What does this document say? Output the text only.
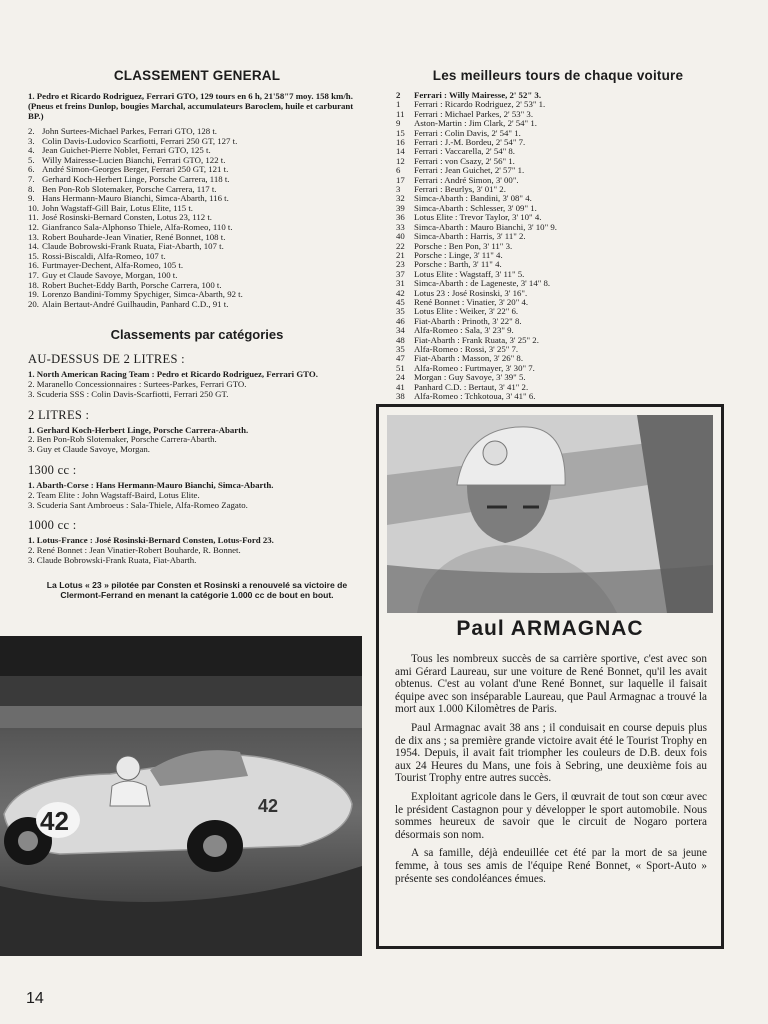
CLASSEMENT GENERAL
1. Pedro et Ricardo Rodriguez, Ferrari GTO, 129 tours en 6 h, 21'58"7 moy. 158 km/h. (Pneus et freins Dunlop, bougies Marchal, accumulateurs Baroclem, huile et carburant BP.)
2. John Surtees-Michael Parkes, Ferrari GTO, 128 t.
3. Colin Davis-Ludovico Scarfiotti, Ferrari 250 GT, 127 t.
4. Jean Guichet-Pierre Noblet, Ferrari GTO, 125 t.
5. Willy Mairesse-Lucien Bianchi, Ferrari GTO, 122 t.
6. André Simon-Georges Berger, Ferrari 250 GT, 121 t.
7. Gerhard Koch-Herbert Linge, Porsche Carrera, 118 t.
8. Ben Pon-Rob Slotemaker, Porsche Carrera, 117 t.
9. Hans Hermann-Mauro Bianchi, Simca-Abarth, 116 t.
10. John Wagstaff-Gill Bair, Lotus Elite, 115 t.
11. José Rosinski-Bernard Consten, Lotus 23, 112 t.
12. Gianfranco Sala-Alphonso Thiele, Alfa-Romeo, 110 t.
13. Robert Bouharde-Jean Vinatier, René Bonnet, 108 t.
14. Claude Bobrowski-Frank Ruata, Fiat-Abarth, 107 t.
15. Rossi-Biscaldi, Alfa-Romeo, 107 t.
16. Furtmayer-Dechent, Alfa-Romeo, 105 t.
17. Guy et Claude Savoye, Morgan, 100 t.
18. Robert Buchet-Eddy Barth, Porsche Carrera, 100 t.
19. Lorenzo Bandini-Tommy Spychiger, Simca-Abarth, 92 t.
20. Alain Bertaut-André Guilhaudin, Panhard C.D., 91 t.
Classements par catégories
AU-DESSUS DE 2 LITRES :
1. North American Racing Team : Pedro et Ricardo Rodriguez, Ferrari GTO.
2. Maranello Concessionnaires : Surtees-Parkes, Ferrari GTO.
3. Scuderia SSS : Colin Davis-Scarfiotti, Ferrari 250 GT.
2 LITRES :
1. Gerhard Koch-Herbert Linge, Porsche Carrera-Abarth.
2. Ben Pon-Rob Slotemaker, Porsche Carrera-Abarth.
3. Guy et Claude Savoye, Morgan.
1300 cc :
1. Abarth-Corse : Hans Hermann-Mauro Bianchi, Simca-Abarth.
2. Team Elite : John Wagstaff-Baird, Lotus Elite.
3. Scuderia Sant Ambroeus : Sala-Thiele, Alfa-Romeo Zagato.
1000 cc :
1. Lotus-France : José Rosinski-Bernard Consten, Lotus-Ford 23.
2. René Bonnet : Jean Vinatier-Robert Bouharde, R. Bonnet.
3. Claude Bobrowski-Frank Ruata, Fiat-Abarth.

La Lotus « 23 » pilotée par Consten et Rosinski a renouvelé sa victoire de Clermont-Ferrand en menant la catégorie 1.000 cc de bout en bout.

42	42
Les meilleurs tours de chaque voiture
2 Ferrari : Willy Mairesse, 2' 52" 3.
1 Ferrari : Ricardo Rodriguez, 2' 53" 1.
11 Ferrari : Michael Parkes, 2' 53" 3.
9 Aston-Martin : Jim Clark, 2' 54" 1.
15 Ferrari : Colin Davis, 2' 54" 1.
16 Ferrari : J.-M. Bordeu, 2' 54" 7.
14 Ferrari : Vaccarella, 2' 54" 8.
12 Ferrari : von Csazy, 2' 56" 1.
6 Ferrari : Jean Guichet, 2' 57" 1.
17 Ferrari : André Simon, 3' 00".
3 Ferrari : Beurlys, 3' 01" 2.
32 Simca-Abarth : Bandini, 3' 08" 4.
39 Simca-Abarth : Schlesser, 3' 09" 1.
36 Lotus Elite : Trevor Taylor, 3' 10" 4.
33 Simca-Abarth : Mauro Bianchi, 3' 10" 9.
40 Simca-Abarth : Harris, 3' 11" 2.
22 Porsche : Ben Pon, 3' 11" 3.
21 Porsche : Linge, 3' 11" 4.
23 Porsche : Barth, 3' 11" 4.
37 Lotus Elite : Wagstaff, 3' 11" 5.
31 Simca-Abarth : de Lageneste, 3' 14" 8.
42 Lotus 23 : José Rosinski, 3' 16".
45 René Bonnet : Vinatier, 3' 20" 4.
35 Lotus Elite : Weiker, 3' 22" 6.
46 Fiat-Abarth : Prinoth, 3' 22" 8.
34 Alfa-Romeo : Sala, 3' 23" 9.
48 Fiat-Abarth : Frank Ruata, 3' 25" 2.
35 Alfa-Romeo : Rossi, 3' 25" 7.
47 Fiat-Abarth : Masson, 3' 26" 8.
51 Alfa-Romeo : Furtmayer, 3' 30" 7.
24 Morgan : Guy Savoye, 3' 39" 5.
41 Panhard C.D. : Bertaut, 3' 41" 2.
38 Alfa-Romeo : Tchkotoua, 3' 41" 6.
Paul ARMAGNAC

Tous les nombreux succès de sa carrière sportive, c'est avec son ami Gérard Laureau, sur une voiture de René Bonnet, qu'il les avait obtenus. C'est au volant d'une René Bonnet, sur laquelle il faisait équipe avec son inséparable Laureau, que Paul Armagnac a trouvé la mort aux 1.000 Kilomètres de Paris.

Paul Armagnac avait 38 ans ; il conduisait en course depuis plus de dix ans ; sa première grande victoire avait été le Tourist Trophy en 1954. Depuis, il avait fait triompher les couleurs de D.B. deux fois aux 24 Heures du Mans, une fois à Sebring, une deuxième fois au Tourist Trophy entre autres succès.

Exploitant agricole dans le Gers, il œuvrait de tout son cœur avec le président Castagnon pour y développer le sport automobile. Nous sommes heureux de savoir que le circuit de Nogaro portera désormais son nom.

A sa famille, déjà endeuillée cet été par la mort de sa jeune femme, à tous ses amis de l'équipe René Bonnet, « Sport-Auto » présente ses condoléances émues.

14
